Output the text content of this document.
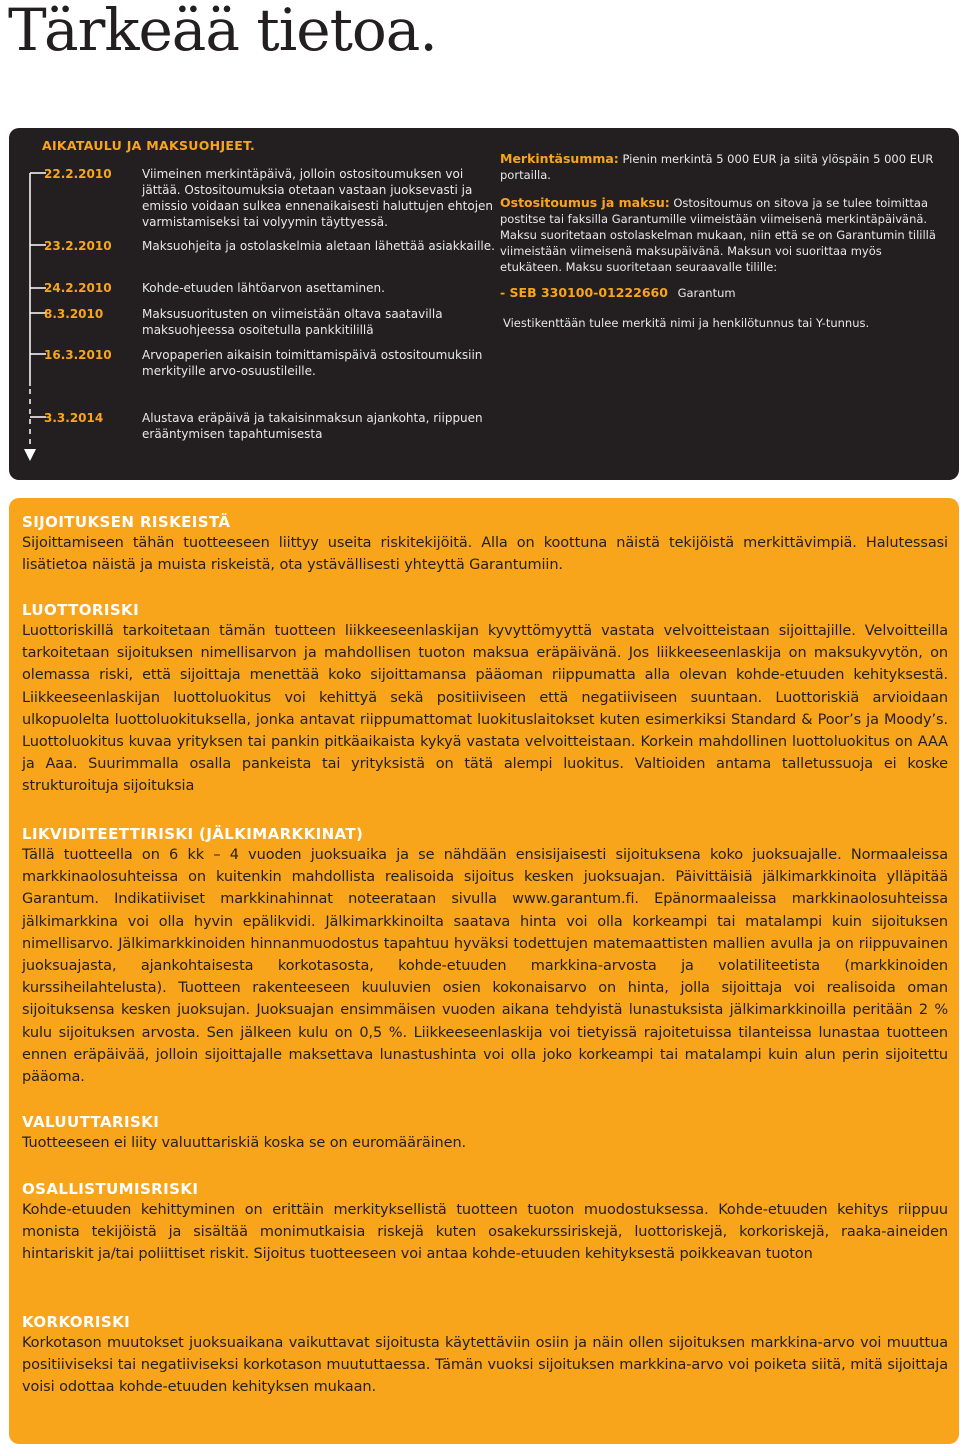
Tärkeää tietoa.
AIKATAULU JA MAKSUOHJEET.
22.2.2010	Viimeinen merkintäpäivä, jolloin ostositoumuksen voi jättää. Ostositoumuksia otetaan vastaan juoksevasti ja emissio voidaan sulkea ennenaikaisesti haluttujen ehtojen varmistamiseksi tai volyymin täyttyessä.
23.2.2010	Maksuohjeita ja ostolaskelmia aletaan lähettää asiakkaille.
24.2.2010	Kohde-etuuden lähtöarvon asettaminen.
8.3.2010	Maksusuoritusten on viimeistään oltava saatavilla maksuohjeessa osoitetulla pankkitilillä
16.3.2010	Arvopaperien aikaisin toimittamispäivä ostositoumuksiin merkityille arvo-osuustileille.
3.3.2014	Alustava eräpäivä ja takaisinmaksun ajankohta, riippuen erääntymisen tapahtumisesta

Merkintäsumma: Pienin merkintä 5 000 EUR ja siitä ylöspäin 5 000 EUR portailla.

Ostositoumus ja maksu: Ostositoumus on sitova ja se tulee toimittaa postitse tai faksilla Garantumille viimeistään viimeisenä merkintäpäivänä. Maksu suoritetaan ostolaskelman mukaan, niin että se on Garantumin tilillä viimeistään viimeisenä maksupäivänä. Maksun voi suorittaa myös etukäteen. Maksu suoritetaan seuraavalle tilille:

- SEB 330100-01222660 Garantum

Viestikenttään tulee merkitä nimi ja henkilötunnus tai Y-tunnus.

SIJOITUKSEN RISKEISTÄ

Sijoittamiseen tähän tuotteeseen liittyy useita riskitekijöitä. Alla on koottuna näistä tekijöistä merkittävimpiä. Halutessasi lisätietoa näistä ja muista riskeistä, ota ystävällisesti yhteyttä Garantumiin.

LUOTTORISKI

Luottoriskillä tarkoitetaan tämän tuotteen liikkeeseenlaskijan kyvyttömyyttä vastata velvoitteistaan sijoittajille. Velvoitteilla tarkoitetaan sijoituksen nimellisarvon ja mahdollisen tuoton maksua eräpäivänä. Jos liikkeeseenlaskija on maksukyvytön, on olemassa riski, että sijoittaja menettää koko sijoittamansa pääoman riippumatta alla olevan kohde-etuuden kehityksestä. Liikkeeseenlaskijan luottoluokitus voi kehittyä sekä positiiviseen että negatiiviseen suuntaan. Luottoriskiä arvioidaan ulkopuolelta luottoluokituksella, jonka antavat riippumattomat luokituslaitokset kuten esimerkiksi Standard & Poor’s ja Moody’s. Luottoluokitus kuvaa yrityksen tai pankin pitkäaikaista kykyä vastata velvoitteistaan. Korkein mahdollinen luottoluokitus on AAA ja Aaa. Suurimmalla osalla pankeista tai yrityksistä on tätä alempi luokitus. Valtioiden antama talletussuoja ei koske strukturoituja sijoituksia

LIKVIDITEETTIRISKI (JÄLKIMARKKINAT)

Tällä tuotteella on 6 kk – 4 vuoden juoksuaika ja se nähdään ensisijaisesti sijoituksena koko juoksuajalle. Normaaleissa markkinaolosuhteissa on kuitenkin mahdollista realisoida sijoitus kesken juoksuajan. Päivittäisiä jälkimarkkinoita ylläpitää Garantum. Indikatiiviset markkinahinnat noteerataan sivulla www.garantum.fi. Epänormaaleissa markkinaolosuhteissa jälkimarkkina voi olla hyvin epälikvidi. Jälkimarkkinoilta saatava hinta voi olla korkeampi tai matalampi kuin sijoituksen nimellisarvo. Jälkimarkkinoiden hinnanmuodostus tapahtuu hyväksi todettujen matemaattisten mallien avulla ja on riippuvainen juoksuajasta, ajankohtaisesta korkotasosta, kohde-etuuden markkina-arvosta ja volatiliteetista (markkinoiden kurssiheilahtelusta). Tuotteen rakenteeseen kuuluvien osien kokonaisarvo on hinta, jolla sijoittaja voi realisoida oman sijoituksensa kesken juoksujan. Juoksuajan ensimmäisen vuoden aikana tehdyistä lunastuksista jälkimarkkinoilla peritään 2 % kulu sijoituksen arvosta. Sen jälkeen kulu on 0,5 %. Liikkeeseenlaskija voi tietyissä rajoitetuissa tilanteissa lunastaa tuotteen ennen eräpäivää, jolloin sijoittajalle maksettava lunastushinta voi olla joko korkeampi tai matalampi kuin alun perin sijoitettu pääoma.

VALUUTTARISKI

Tuotteeseen ei liity valuuttariskiä koska se on euromääräinen.

OSALLISTUMISRISKI

Kohde-etuuden kehittyminen on erittäin merkityksellistä tuotteen tuoton muodostuksessa. Kohde-etuuden kehitys riippuu monista tekijöistä ja sisältää monimutkaisia riskejä kuten osakekurssiriskejä, luottoriskejä, korkoriskejä, raaka-aineiden hintariskit ja/tai poliittiset riskit. Sijoitus tuotteeseen voi antaa kohde-etuuden kehityksestä poikkeavan tuoton

KORKORISKI

Korkotason muutokset juoksuaikana vaikuttavat sijoitusta käytettäviin osiin ja näin ollen sijoituksen markkina-arvo voi muuttua positiiviseksi tai negatiiviseksi korkotason muututtaessa. Tämän vuoksi sijoituksen markkina-arvo voi poiketa siitä, mitä sijoittaja voisi odottaa kohde-etuuden kehityksen mukaan.
